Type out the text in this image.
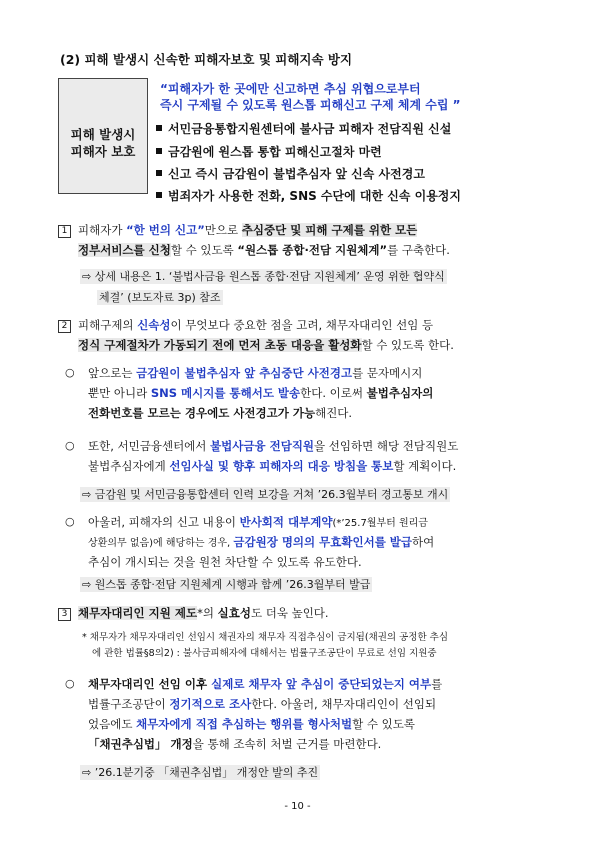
(2) 피해 발생시 신속한 피해자보호 및 피해지속 방지
피해 발생시
피해자 보호
“피해자가 한 곳에만 신고하면 추심 위협으로부터
즉시 구제될 수 있도록 원스톱 피해신고 구제 체계 수립 ”
서민금융통합지원센터에 불사금 피해자 전담직원 신설
금감원에 원스톱 통합 피해신고절차 마련
신고 즉시 금감원이 불법추심자 앞 신속 사전경고
범죄자가 사용한 전화, SNS 수단에 대한 신속 이용정지
1 피해자가 “한 번의 신고”만으로 추심중단 및 피해 구제를 위한 모든
정부서비스를 신청할 수 있도록 “원스톱 종합·전담 지원체계”를 구축한다.
⇨ 상세 내용은 1. ‘불법사금융 원스톱 종합·전담 지원체계’ 운영 위한 협약식
체결’ (보도자료 3p) 참조
2 피해구제의 신속성이 무엇보다 중요한 점을 고려, 채무자대리인 선임 등
정식 구제절차가 가동되기 전에 먼저 초동 대응을 활성화할 수 있도록 한다.
○ 앞으로는 금감원이 불법추심자 앞 추심중단 사전경고를 문자메시지
뿐만 아니라 SNS 메시지를 통해서도 발송한다. 이로써 불법추심자의
전화번호를 모르는 경우에도 사전경고가 가능해진다.
○ 또한, 서민금융센터에서 불법사금융 전담직원을 선임하면 해당 전담직원도
불법추심자에게 선임사실 및 향후 피해자의 대응 방침을 통보할 계획이다.
⇨ 금감원 및 서민금융통합센터 인력 보강을 거쳐 ’26.3월부터 경고통보 개시
○ 아울러, 피해자의 신고 내용이 반사회적 대부계약(*’25.7월부터 원리금
상환의무 없음)에 해당하는 경우, 금감원장 명의의 무효확인서를 발급하여
추심이 개시되는 것을 원천 차단할 수 있도록 유도한다.
⇨ 원스톱 종합·전담 지원체계 시행과 함께 ’26.3월부터 발급
3 채무자대리인 지원 제도*의 실효성도 더욱 높인다.
* 채무자가 채무자대리인 선임시 채권자의 채무자 직접추심이 금지됨(채권의 공정한 추심
에 관한 법률§8의2) : 불사금피해자에 대해서는 법률구조공단이 무료로 선임 지원중
○ 채무자대리인 선임 이후 실제로 채무자 앞 추심이 중단되었는지 여부를
법률구조공단이 정기적으로 조사한다. 아울러, 채무자대리인이 선임되
었음에도 채무자에게 직접 추심하는 행위를 형사처벌할 수 있도록
「채권추심법」 개정을 통해 조속히 처벌 근거를 마련한다.
⇨ ’26.1분기중 「채권추심법」 개정안 발의 추진
- 10 -
